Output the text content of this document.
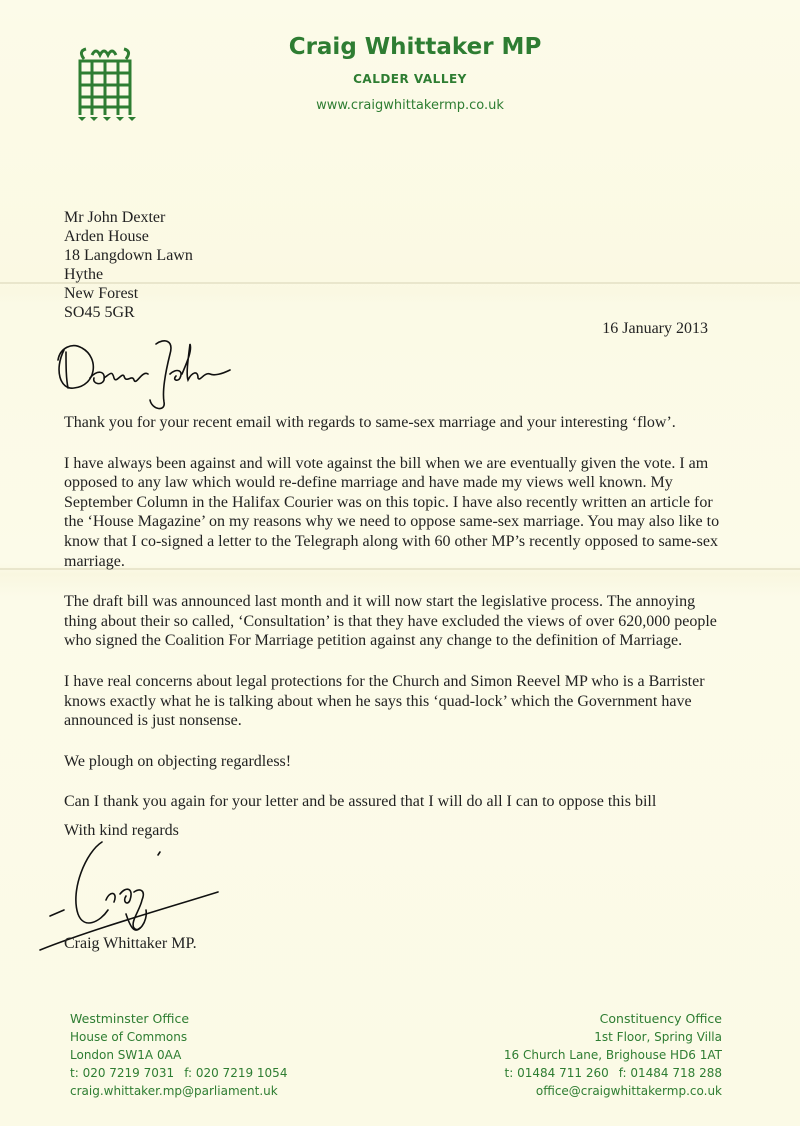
Craig Whittaker MP
CALDER VALLEY
www.craigwhittakermp.co.uk
Mr John Dexter
Arden House
18 Langdown Lawn
Hythe
New Forest
SO45 5GR
16 January 2013

Thank you for your recent email with regards to same-sex marriage and your interesting ‘flow’.

I have always been against and will vote against the bill when we are eventually given the vote. I am opposed to any law which would re-define marriage and have made my views well known. My September Column in the Halifax Courier was on this topic. I have also recently written an article for the ‘House Magazine’ on my reasons why we need to oppose same-sex marriage. You may also like to know that I co-signed a letter to the Telegraph along with 60 other MP’s recently opposed to same-sex marriage.

The draft bill was announced last month and it will now start the legislative process. The annoying thing about their so called, ‘Consultation’ is that they have excluded the views of over 620,000 people who signed the Coalition For Marriage petition against any change to the definition of Marriage.

I have real concerns about legal protections for the Church and Simon Reevel MP who is a Barrister knows exactly what he is talking about when he says this ‘quad-lock’ which the Government have announced is just nonsense.

We plough on objecting regardless!

Can I thank you again for your letter and be assured that I will do all I can to oppose this bill

With kind regards
Craig Whittaker MP.
Westminster Office
House of Commons
London SW1A 0AA
t: 020 7219 7031 f: 020 7219 1054
craig.whittaker.mp@parliament.uk
Constituency Office
1st Floor, Spring Villa
16 Church Lane, Brighouse HD6 1AT
t: 01484 711 260 f: 01484 718 288
office@craigwhittakermp.co.uk
